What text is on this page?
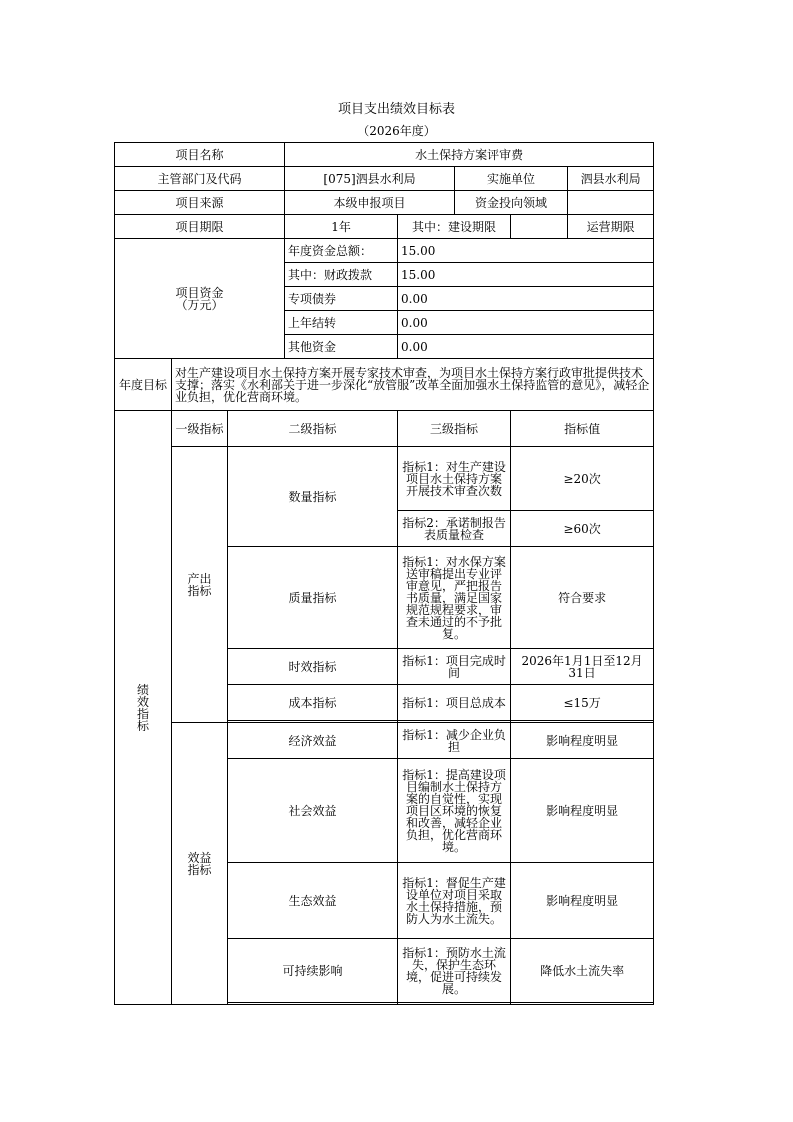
项目支出绩效目标表
（2026年度）
项目名称			水土保持方案评审费				
主管部门及代码			[075]泗县水利局		实施单位		泗县水利局
项目来源			本级申报项目		资金投向领域		
项目期限			1年	其中：建设期限			运营期限
项目资金
（万元）			年度资金总额：	15.00			
			其中：财政拨款	15.00			
			专项债券	0.00			
			上年结转	0.00			
			其他资金	0.00			
年度目标	对生产建设项目水土保持方案开展专家技术审查，为项目水土保持方案行政审批提供技术支撑；落实《水利部关于进一步深化“放管服”改革全面加强水土保持监管的意见》，减轻企业负担，优化营商环境。						
绩效指标	一级指标	二级指标		三级指标		指标值	
	产出指标	数量指标		指标1：对生产建设项目水土保持方案开展技术审查次数		≥20次	
				指标2：承诺制报告表质量检查		≥60次	
		质量指标		指标1：对水保方案送审稿提出专业评审意见，严把报告书质量，满足国家规范规程要求，审查未通过的不予批复。		符合要求	
		时效指标		指标1：项目完成时间		2026年1月1日至12月31日	
		成本指标		指标1：项目总成本		≤15万	

	效益指标	经济效益		指标1：减少企业负担		影响程度明显	
		社会效益		指标1：提高建设项目编制水土保持方案的自觉性，实现项目区环境的恢复和改善，减轻企业负担，优化营商环境。		影响程度明显	
		生态效益		指标1：督促生产建设单位对项目采取水土保持措施，预防人为水土流失。		影响程度明显	
		可持续影响		指标1：预防水土流失，保护生态环境，促进可持续发展。		降低水土流失率	
